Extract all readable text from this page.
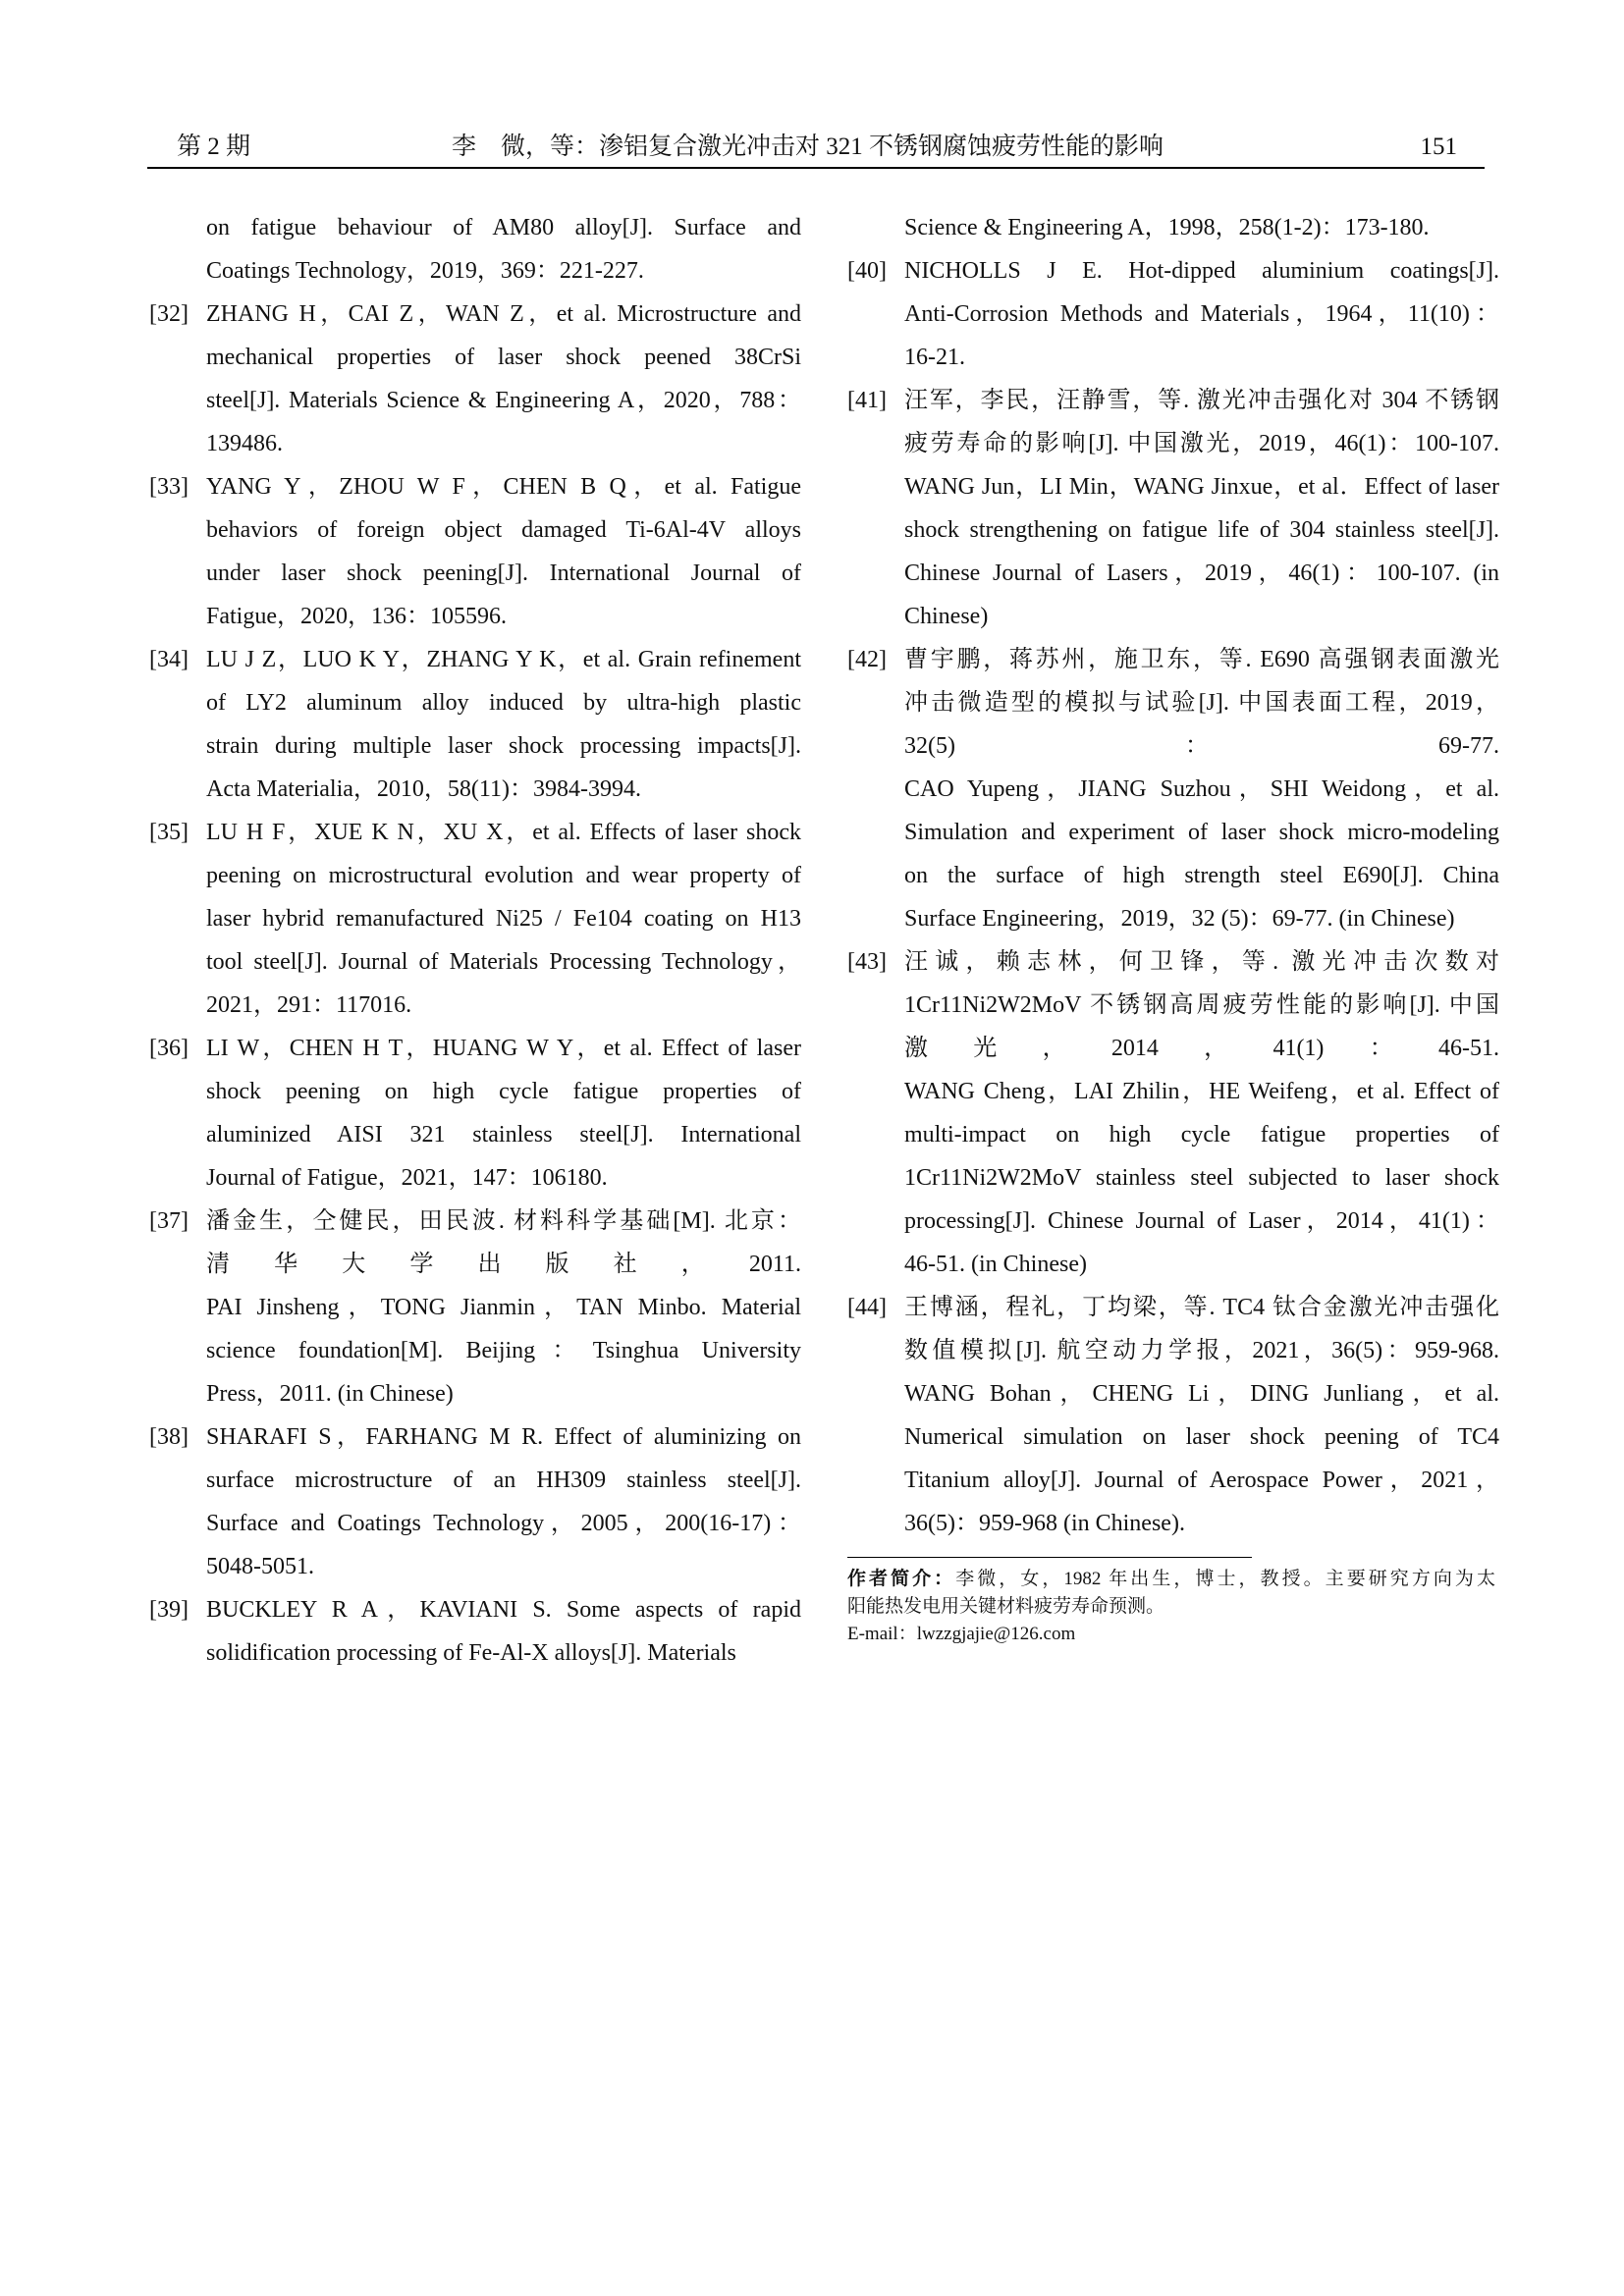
第 2 期	李　微，等：渗铝复合激光冲击对 321 不锈钢腐蚀疲劳性能的影响	151
on fatigue behaviour of AM80 alloy[J]. Surface and
Coatings Technology，2019，369：221-227.
[32] ZHANG H，CAI Z，WAN Z，et al. Microstructure and
mechanical properties of laser shock peened 38CrSi
steel[J]. Materials Science & Engineering A，2020，788：
139486.
[33] YANG Y，ZHOU W F，CHEN B Q，et al. Fatigue
behaviors of foreign object damaged Ti-6Al-4V alloys
under laser shock peening[J]. International Journal of
Fatigue，2020，136：105596.
[34] LU J Z，LUO K Y，ZHANG Y K，et al. Grain refinement
of LY2 aluminum alloy induced by ultra-high plastic
strain during multiple laser shock processing impacts[J].
Acta Materialia，2010，58(11)：3984-3994.
[35] LU H F，XUE K N，XU X，et al. Effects of laser shock
peening on microstructural evolution and wear property of
laser hybrid remanufactured Ni25 / Fe104 coating on H13
tool steel[J]. Journal of Materials Processing Technology，
2021，291：117016.
[36] LI W，CHEN H T，HUANG W Y，et al. Effect of laser
shock peening on high cycle fatigue properties of
aluminized AISI 321 stainless steel[J]. International
Journal of Fatigue，2021，147：106180.
[37] 潘金生，仝健民，田民波. 材料科学基础[M]. 北京：
清华大学出版社，2011.
PAI Jinsheng，TONG Jianmin，TAN Minbo. Material
science foundation[M]. Beijing：Tsinghua University
Press，2011. (in Chinese)
[38] SHARAFI S，FARHANG M R. Effect of aluminizing on
surface microstructure of an HH309 stainless steel[J].
Surface and Coatings Technology，2005，200(16-17)：
5048-5051.
[39] BUCKLEY R A，KAVIANI S. Some aspects of rapid
solidification processing of Fe-Al-X alloys[J]. Materials
Science & Engineering A，1998，258(1-2)：173-180.
[40] NICHOLLS J E. Hot-dipped aluminium coatings[J].
Anti-Corrosion Methods and Materials，1964，11(10)：
16-21.
[41] 汪军，李民，汪静雪，等. 激光冲击强化对 304 不锈钢
疲劳寿命的影响[J]. 中国激光，2019，46(1)：100-107.
WANG Jun，LI Min，WANG Jinxue，et al．Effect of laser
shock strengthening on fatigue life of 304 stainless steel[J].
Chinese Journal of Lasers，2019，46(1)：100-107. (in
Chinese)
[42] 曹宇鹏，蒋苏州，施卫东，等. E690 高强钢表面激光
冲击微造型的模拟与试验[J]. 中国表面工程，2019，
32(5)：69-77.
CAO Yupeng，JIANG Suzhou，SHI Weidong，et al.
Simulation and experiment of laser shock micro-modeling
on the surface of high strength steel E690[J]. China
Surface Engineering，2019，32 (5)：69-77. (in Chinese)
[43] 汪诚，赖志林，何卫锋，等. 激光冲击次数对
1Cr11Ni2W2MoV 不锈钢高周疲劳性能的影响[J]. 中国
激光，2014，41(1)：46-51.
WANG Cheng，LAI Zhilin，HE Weifeng，et al. Effect of
multi-impact on high cycle fatigue properties of
1Cr11Ni2W2MoV stainless steel subjected to laser shock
processing[J]. Chinese Journal of Laser，2014，41(1)：
46-51. (in Chinese)
[44] 王博涵，程礼，丁均梁，等. TC4 钛合金激光冲击强化
数值模拟[J]. 航空动力学报，2021，36(5)：959-968.
WANG Bohan，CHENG Li，DING Junliang，et al.
Numerical simulation on laser shock peening of TC4
Titanium alloy[J]. Journal of Aerospace Power，2021，
36(5)：959-968 (in Chinese).
作者简介：李微，女，1982 年出生，博士，教授。主要研究方向为太
阳能热发电用关键材料疲劳寿命预测。
E-mail：lwzzgjajie@126.com
